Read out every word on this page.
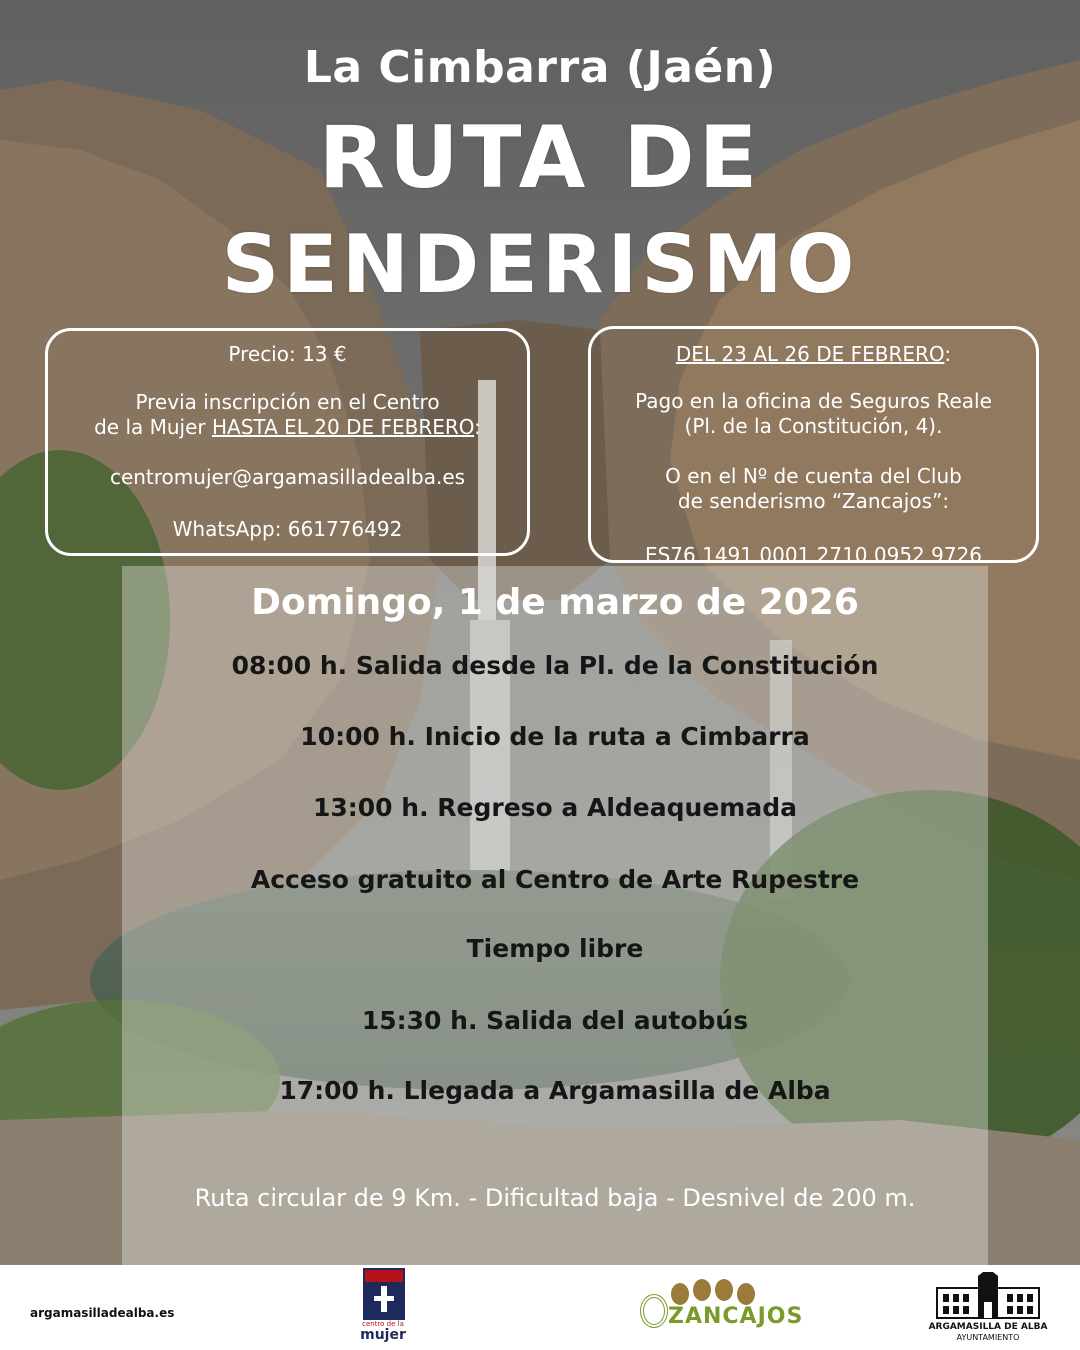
La Cimbarra (Jaén)
RUTA DE
SENDERISMO

Precio: 13 €

Previa inscripción en el Centro

de la Mujer HASTA EL 20 DE FEBRERO:

centromujer@argamasilladealba.es

WhatsApp: 661776492

DEL 23 AL 26 DE FEBRERO:

Pago en la oficina de Seguros Reale

(Pl. de la Constitución, 4).

O en el Nº de cuenta del Club

de senderismo “Zancajos”:

ES76 1491 0001 2710 0952 9726

Domingo, 1 de marzo de 2026
08:00 h. Salida desde la Pl. de la Constitución
10:00 h. Inicio de la ruta a Cimbarra
13:00 h. Regreso a Aldeaquemada
Acceso gratuito al Centro de Arte Rupestre
Tiempo libre
15:30 h. Salida del autobús
17:00 h. Llegada a Argamasilla de Alba
Ruta circular de 9 Km. - Dificultad baja - Desnivel de 200 m.
argamasilladealba.es
centro de la
mujer
ZANCAJOS	ARGAMASILLA DE ALBA
AYUNTAMIENTO
